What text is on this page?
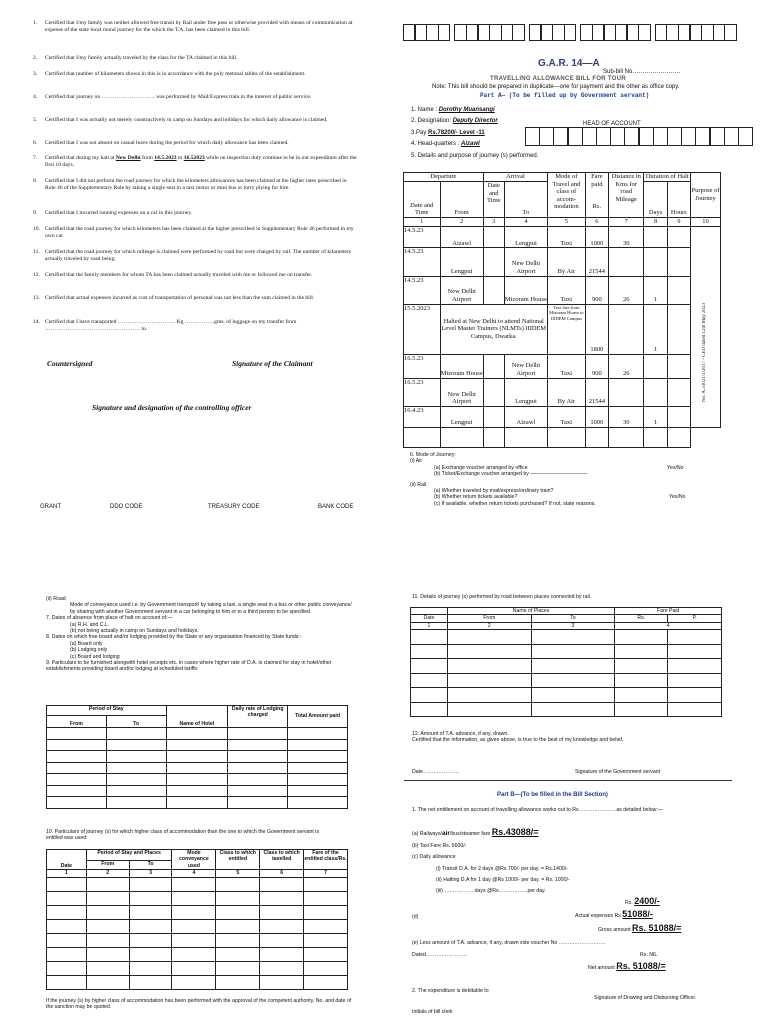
1. Certified that I/my family was neither allowed free transit by Rail under free pass or otherwise provided with means of communication at expense of the state local round journey for the which the T.A. has been claimed in this bill.
2. Certified that I/my family actually traveled by the class for the TA claimed in this bill.
3. Certified that number of kilometers shown in this is in accordance with the poly metonal tables of the establishment.
4. Certified that journey on ……………………….. was performed by Mail/Express train in the interest of public service.
5. Certified that I was actually not merely constructively in camp on Sundays and holidays for which daily allowance is claimed.
6. Certified that I was not absent on casual leave during the period for which daily allowance has been claimed.
8. Certified that I did not perform the road journey for which the kilometers allowances has been claimed at the higher rates prescribed in Rule 46 of the Supplementary Rule by taking a single seat in a taxi motor or mini bus or lorry plying for hire.
9. Certified that I incurred running expenses on a car in this journey.
10. Certified that the road journey for which kilometers has been claimed at the higher prescribed in Supplementary Rule 46 performed in my own car.
11. Certified that the road journey for which mileage is claimed were performed by road but were charged by rail. The number of kilometers actually traveled by road being:
12. Certified that the family members for whom TA has been claimed actually traveled with me or followed me on transfer.
13. Certified that actual expenses incurred as cost of transportation of personal was not less than the sum claimed in the bill.
14. Certified that I have transported …………………………. Kg …………….gms. of luggage on my transfer from …………………………………………… to.
7. Certified that during my halt at New Delhi from 14.5.2023 to 16.52023 while on inspection duty continue to be in our expenditure after the first 10 days.
Countersigned	Signature of the Claimant
Signature and designation of the controlling officer
GRANT	DDO CODE	TREASURY CODE	BANK CODE
G.A.R. 14—A
Sub-bill No……………………
TRAVELLING ALLOWANCE BILL FOR TOUR
Note: This bill should be prepared in duplicate—one for payment and the other as office copy.
Part A— (To be filled up by Government servant)
1. Name : Dorothy Muansangi
2. Designation: Deputy Director	HEAD OF ACCOUNT
3.Pay Rs.78200/- Level -11
4. Head-quarters : Aizawl
5. Details and purpose of journey (s) performed.
Departure		Arrival		Mode of Travel and class of
accom-modation	Fare paid

Rs.	Distance in Kms for road Mileage	Duration of Halt		Purpose of Journey
Date and Time	From	Date and Time	To				Days	Hours	
1	2	3	4	5	6	7	8	9	10
14.5.23	Aizawl		Lengpui	Taxi	1000	30			No. A.33021/1/2017 - CEO dated 12th May 2023

14.5.23	Lengpui		New Delhi Airport	By Air	21544				
14.5.23	New Delhi Airport		Mizoram House	Taxi	900	26	1		
15.5.2023	Halted at New Delhi to attend National Level Master Trainers (NLMTs) IIIDEM Campus, Dwarka.			Taxi fare from Mizoram House to IIIDEM Campus	1800		1		
16.5.23	Mizoram House		New Delhi Airport	Taxi	900	26			
16.5.23	New Delhi Airport		Lengpui	By Air	21544				
16.4.23	Lengpui		Aizawl	Taxi	1000	30	1		

6. Mode of Journey:
(i) Air
(a) Exchange voucher arranged by office	Yes/No
(b) Ticket/Exchange voucher arranged by ———————————
(ii) Rail
(a) Whether traveled by mail/express/ordinary train?
(b) Whether return tickets available?	Yes/No
(c) If available, whether return tickets purchased? If not, state reasons.
(ii) Road
Mode of conveyance used i.e. by Government transport/ by taking a taxi, a single seat in a bus or other public conveyance/ by sharing with another Government servant in a car belonging to him or to a third person to be specified.
7. Dates of absence from place of halt on account of:—
(a) R.H. and C.L.
(b) not being actually in camp on Sundays and holidays.
8. Dates on which free board and/or lodging provided by the State or any organisation financed by State funds:-
(a) Board only
(b) Lodging only
(c) Board and lodging
9. Particulars to be furnished alongwith hotel receipts etc. in cases where higher rate of D.A. is claimed for stay in hotel/other establishments providing board and/or lodging at scheduled tariffs:
Period of Stay		Name of Hotel	Daily rate of Lodging charged	Total Amount paid
From	To			

10. Particulars of journey (s) for which higher class of accommodation than the one to which the Government servant is entitled was used:
Date	Period of Stay and Places		Mode conveyance used	Class to which entitled	Class to which tavelled	Fare of the entitled class/Rs.
	From	To				
1	2	3	4	5	6	7

If the journey (s) by higher class of accommodation has been performed with the approval of the competent authority, No. and date of the sanction may be quoted.
11. Details of journey (s) performed by road between places connected by rail.
	Name of Places		Fare Paid	
Date	From	To	Rs.	P.
1	2	3	4	

12. Amount of T.A. advance, if any, drawn.
Certified that the information, as given above, is true to the best of my knowledge and belief.
Date…………………	Signature of the Government servant
Part B—(To be filled in the Bill Section)
1. The net entitlement on account of travelling allowance works out to Rs………………….as detailed below:—
(a) Railways/air/bus/steamer fare Rs.43088/=
(b) Taxi Fare Rs. 5600/-
(c) Daily allowance
(i) Transit D.A. for 2 days @Rs 700/- per day. = Rs.1400/-
(ii) Halting D.A for 1 day @Rs 1000/- per day. = Rs. 1000/-
(iii) …………….. days @Rs……………..per day.
Rs. 2400/-
(d)	Actual expenses Rs.51088/-
Gross amount Rs. 51088/=
(e) Less amount of T.A. advance, if any, drawn vide voucher No ………………………
Dated……………………	Rs. NIL
Net amount Rs. 51088/=
2. The expenditure is debitable to
Signature of Drawing and Disbursing Officer.
Initials of bill clerk
